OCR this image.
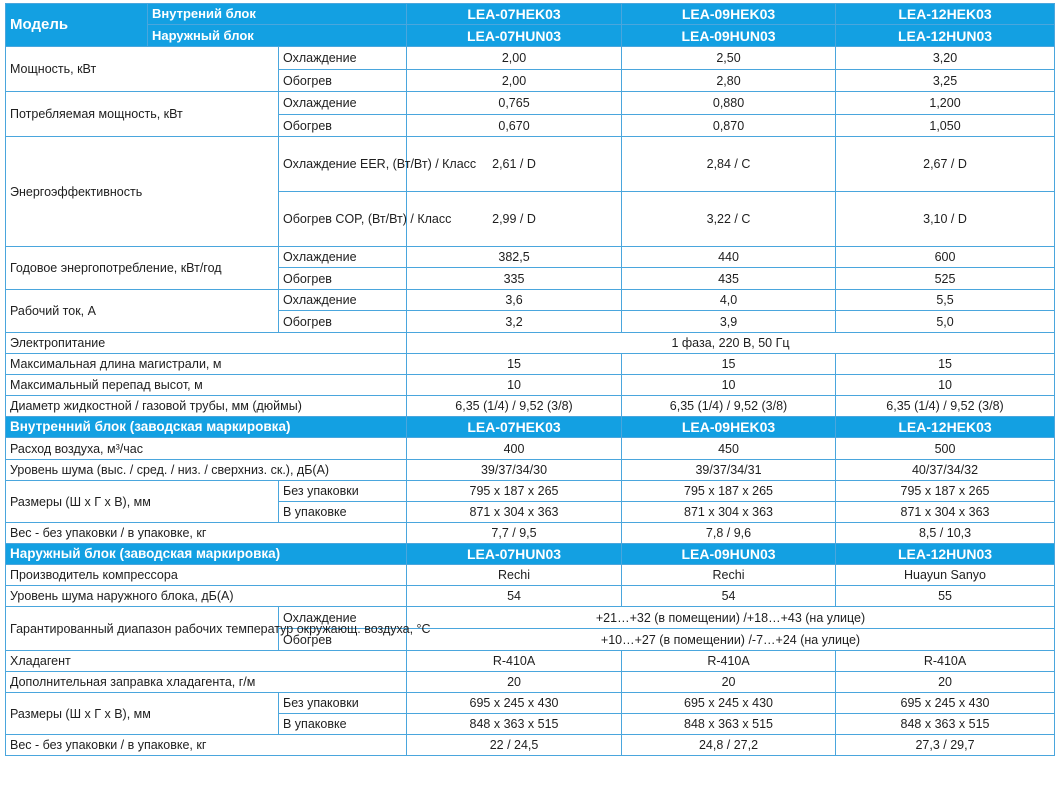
Модель	Внутрений блок		LEA-07HEK03	LEA-09HEK03	LEA-12HEK03
	Наружный блок		LEA-07HUN03	LEA-09HUN03	LEA-12HUN03
Мощность, кВт		Охлаждение	2,00	2,50	3,20
		Обогрев	2,00	2,80	3,25
Потребляемая мощность, кВт		Охлаждение	0,765	0,880	1,200
		Обогрев	0,670	0,870	1,050
Энергоэффективность		Охлаждение EER, (Вт/Вт) / Класс	2,61 / D	2,84 / C	2,67 / D
		Обогрев COP, (Вт/Вт) / Класс	2,99 / D	3,22 / C	3,10 / D
Годовое энергопотребление, кВт/год		Охлаждение	382,5	440	600
		Обогрев	335	435	525
Рабочий ток, А		Охлаждение	3,6	4,0	5,5
		Обогрев	3,2	3,9	5,0
Электропитание			1 фаза, 220 В, 50 Гц		
Максимальная длина магистрали, м			15	15	15
Максимальный перепад высот, м			10	10	10
Диаметр жидкостной / газовой трубы, мм (дюймы)			6,35 (1/4) / 9,52 (3/8)	6,35 (1/4) / 9,52 (3/8)	6,35 (1/4) / 9,52 (3/8)
Внутренний блок (заводская маркировка)			LEA-07HEK03	LEA-09HEK03	LEA-12HEK03
Расход воздуха, м³/час			400	450	500
Уровень шума (выс. / сред. / низ. / сверхниз. ск.), дБ(А)			39/37/34/30	39/37/34/31	40/37/34/32
Размеры (Ш х Г х В), мм		Без упаковки	795 x 187 x 265	795 x 187 x 265	795 x 187 x 265
		В упаковке	871 x 304 x 363	871 x 304 x 363	871 x 304 x 363
Вес - без упаковки / в упаковке, кг			7,7 / 9,5	7,8 / 9,6	8,5 / 10,3
Наружный блок (заводская маркировка)			LEA-07HUN03	LEA-09HUN03	LEA-12HUN03
Производитель компрессора			Rechi	Rechi	Huayun Sanyo
Уровень шума наружного блока, дБ(А)			54	54	55
Гарантированный диапазон рабочих температур окружающ. воздуха, °С		Охлаждение	+21…+32 (в помещении) /+18…+43 (на улице)		
		Обогрев	+10…+27 (в помещении) /-7…+24 (на улице)		
Хладагент			R-410A	R-410A	R-410A
Дополнительная заправка хладагента, г/м			20	20	20
Размеры (Ш х Г х В), мм		Без упаковки	695 x 245 x 430	695 x 245 x 430	695 x 245 x 430
		В упаковке	848 x 363 x 515	848 x 363 x 515	848 x 363 x 515
Вес - без упаковки / в упаковке, кг			22 / 24,5	24,8 / 27,2	27,3 / 29,7
